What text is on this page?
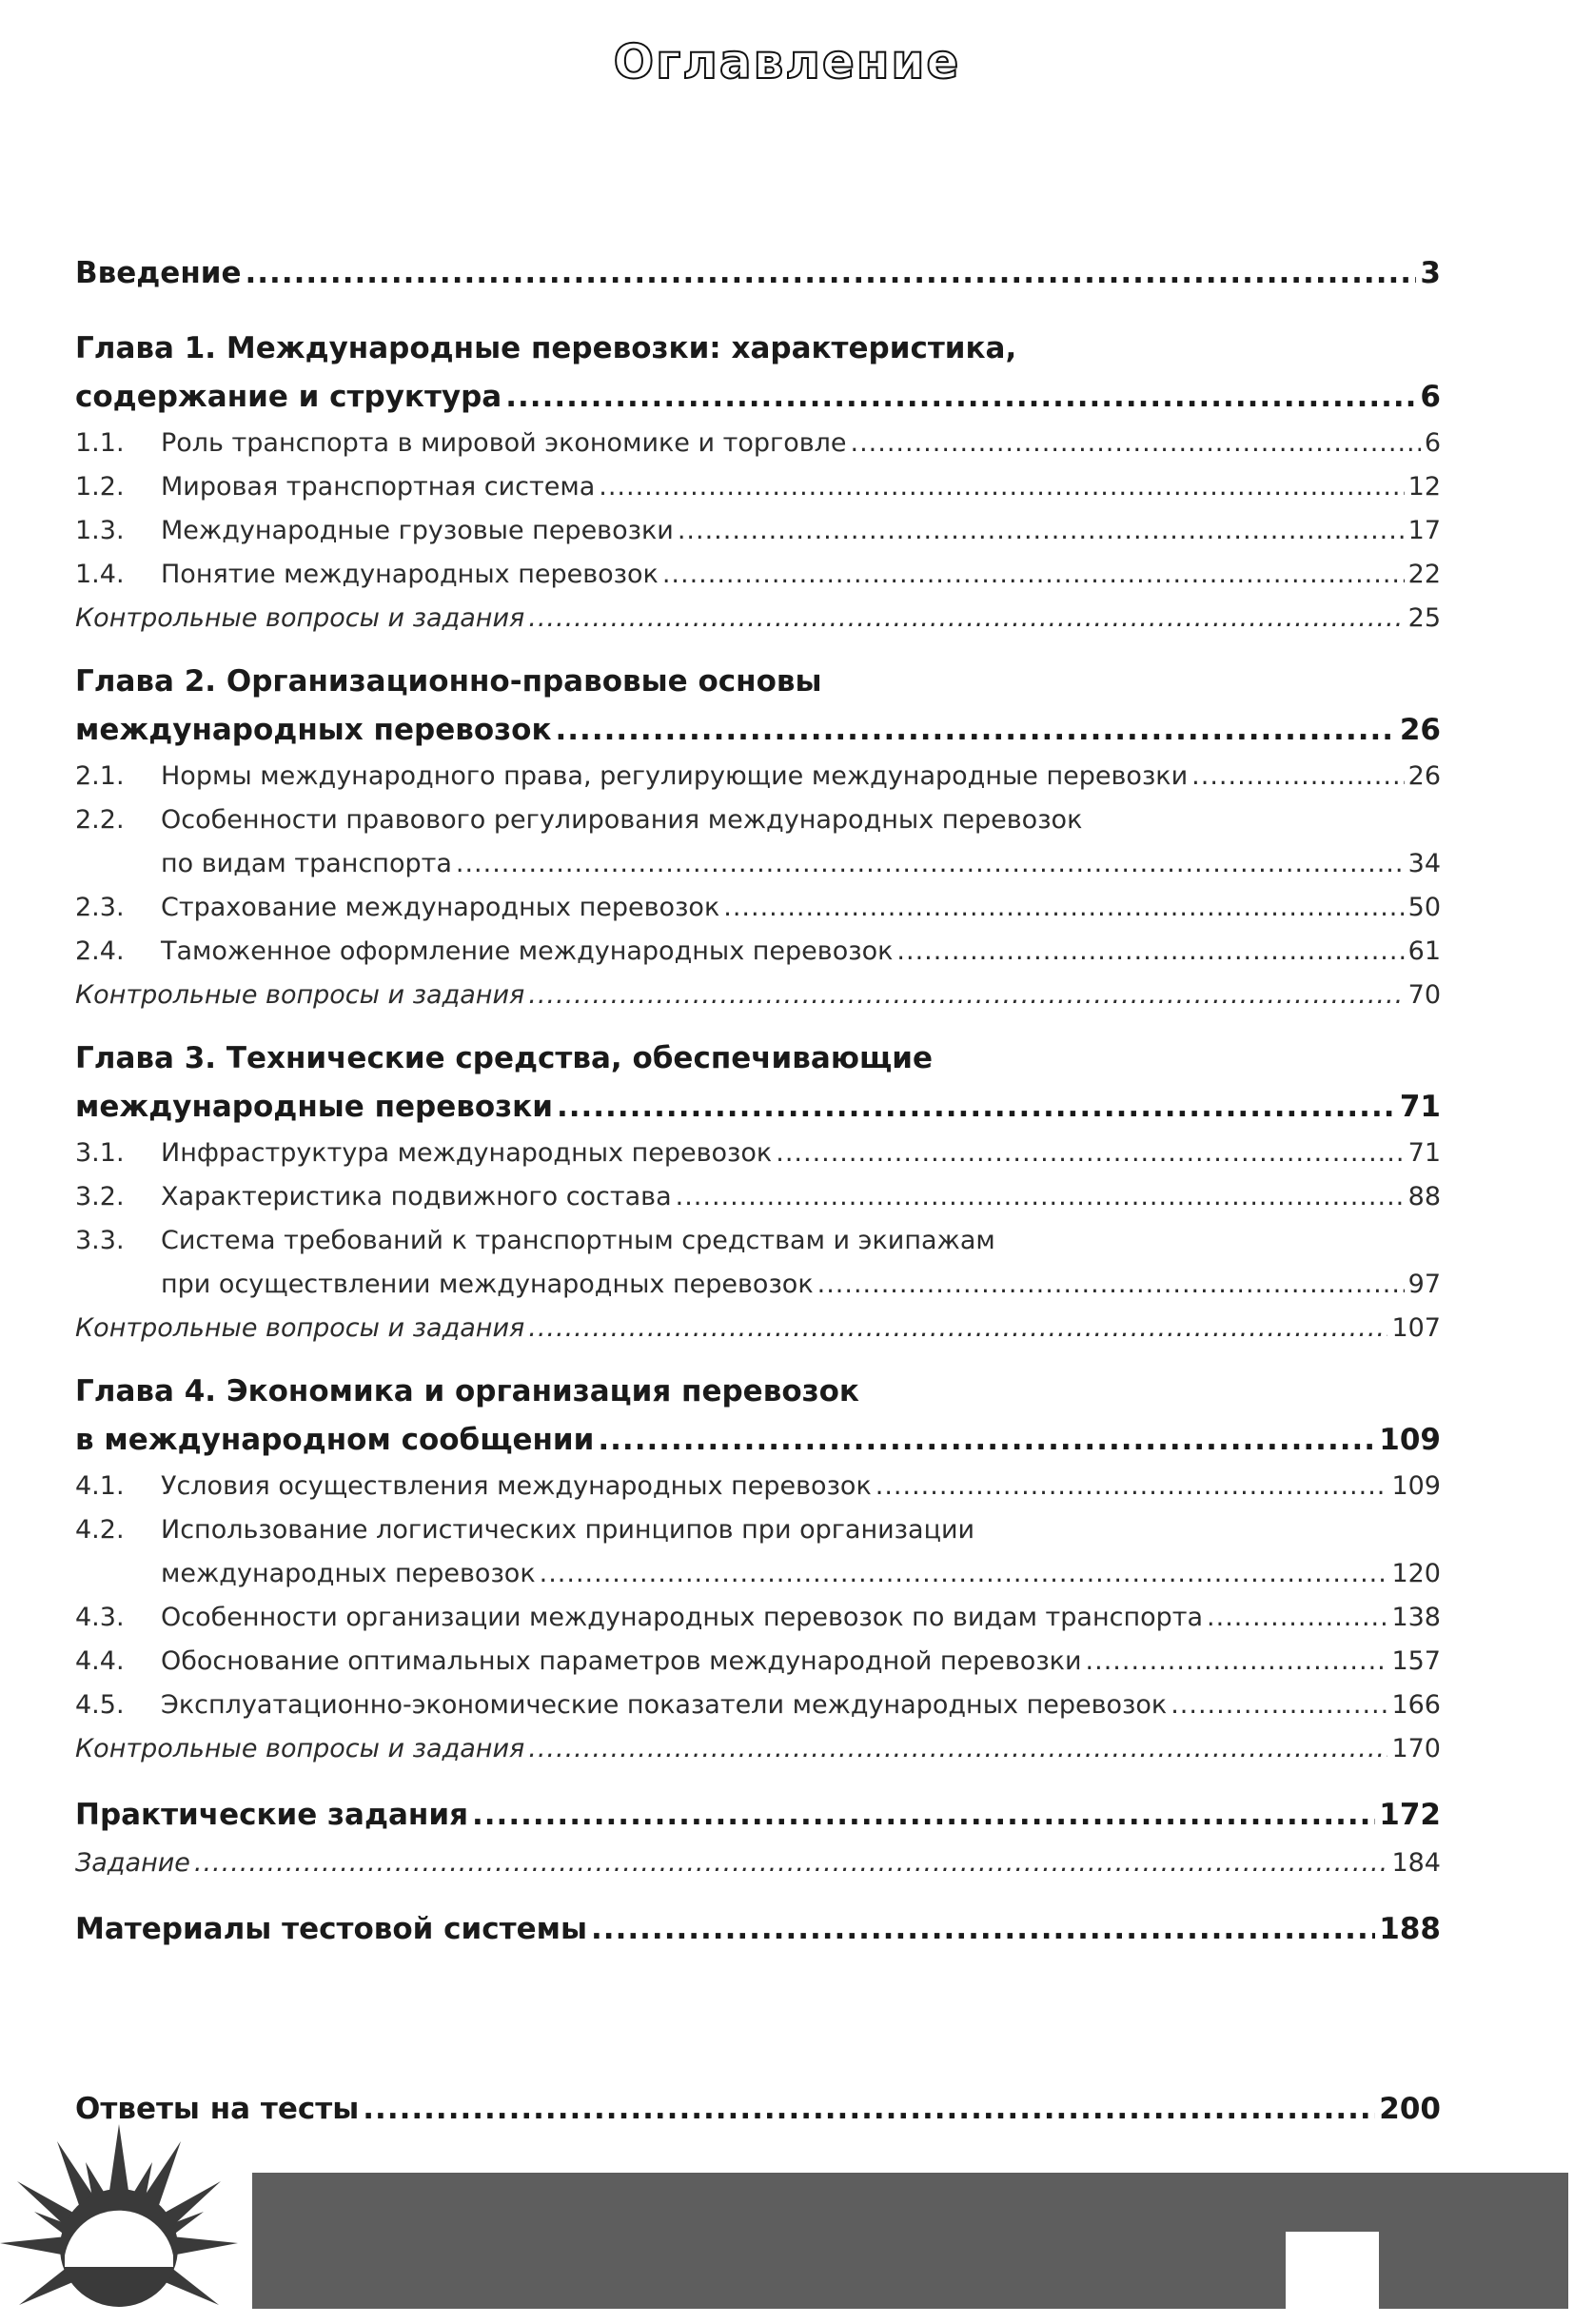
Оглавление
Введение .....	3
Глава 1. Международные перевозки: характеристика,
содержание и структура .....	6
1.1.	Роль транспорта в мировой экономике и торговле .....	6
1.2.	Мировая транспортная система .....	12
1.3.	Международные грузовые перевозки .....	17
1.4.	Понятие международных перевозок .....	22
Контрольные вопросы и задания .....	25
Глава 2. Организационно-правовые основы
международных перевозок .....	26
2.1.	Нормы международного права, регулирующие международные перевозки .....	26
2.2.	Особенности правового регулирования международных перевозок
по видам транспорта .....	34
2.3.	Страхование международных перевозок .....	50
2.4.	Таможенное оформление международных перевозок .....	61
Контрольные вопросы и задания .....	70
Глава 3. Технические средства, обеспечивающие
международные перевозки .....	71
3.1.	Инфраструктура международных перевозок .....	71
3.2.	Характеристика подвижного состава .....	88
3.3.	Система требований к транспортным средствам и экипажам
при осуществлении международных перевозок .....	97
Контрольные вопросы и задания .....	107
Глава 4. Экономика и организация перевозок
в международном сообщении .....	109
4.1.	Условия осуществления международных перевозок .....	109
4.2.	Использование логистических принципов при организации
международных перевозок .....	120
4.3.	Особенности организации международных перевозок по видам транспорта .....	138
4.4.	Обоснование оптимальных параметров международной перевозки .....	157
4.5.	Эксплуатационно-экономические показатели международных перевозок .....	166
Контрольные вопросы и задания .....	170
Практические задания .....	172
Задание .....	184
Материалы тестовой системы .....	188
Ответы на тесты .....	200
